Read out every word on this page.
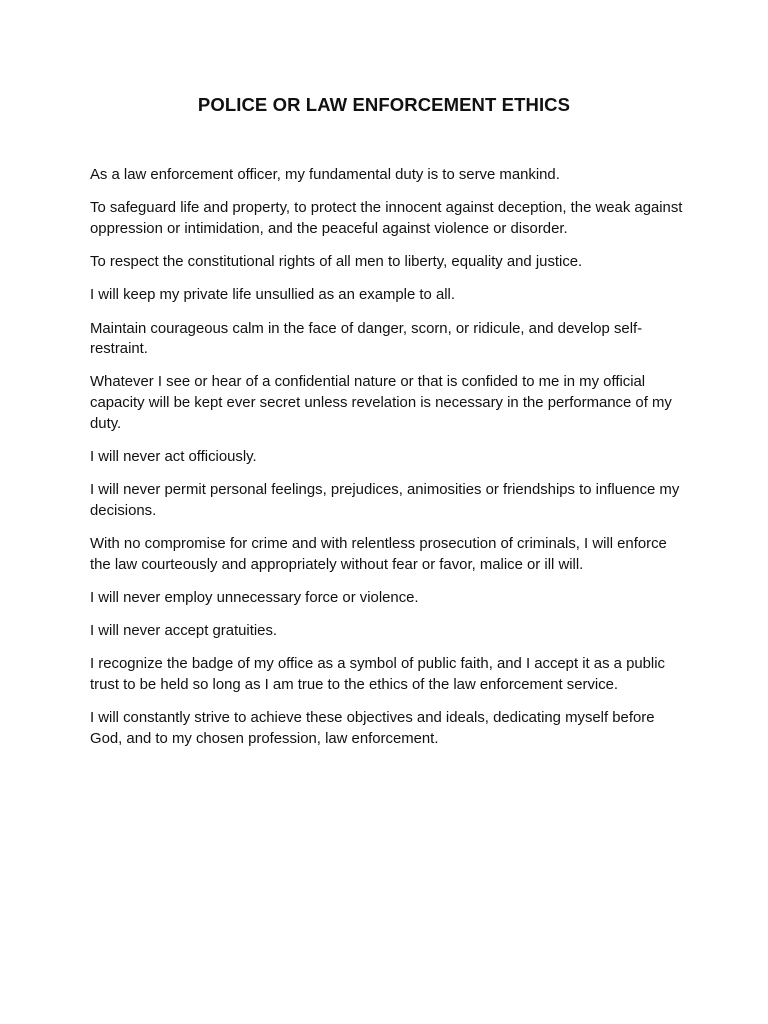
POLICE OR LAW ENFORCEMENT ETHICS

As a law enforcement officer, my fundamental duty is to serve mankind.

To safeguard life and property, to protect the innocent against deception, the weak against oppression or intimidation, and the peaceful against violence or disorder.

To respect the constitutional rights of all men to liberty, equality and justice.

I will keep my private life unsullied as an example to all.

Maintain courageous calm in the face of danger, scorn, or ridicule, and develop self-restraint.

Whatever I see or hear of a confidential nature or that is confided to me in my official capacity will be kept ever secret unless revelation is necessary in the performance of my duty.

I will never act officiously.

I will never permit personal feelings, prejudices, animosities or friendships to influence my decisions.

With no compromise for crime and with relentless prosecution of criminals, I will enforce the law courteously and appropriately without fear or favor, malice or ill will.

I will never employ unnecessary force or violence.

I will never accept gratuities.

I recognize the badge of my office as a symbol of public faith, and I accept it as a public trust to be held so long as I am true to the ethics of the law enforcement service.

I will constantly strive to achieve these objectives and ideals, dedicating myself before God, and to my chosen profession, law enforcement.
